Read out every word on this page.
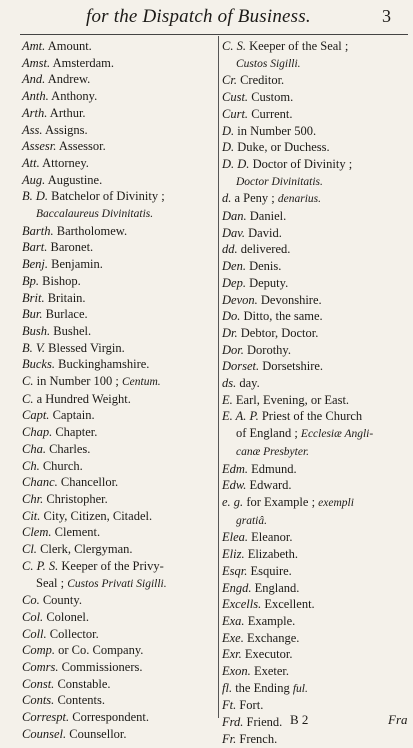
for the Dispatch of Business.	3
Amt. Amount.
Amst. Amsterdam.
And. Andrew.
Anth. Anthony.
Arth. Arthur.
Ass. Assigns.
Assesr. Assessor.
Att. Attorney.
Aug. Augustine.
B. D. Batchelor of Divinity ;
Baccalaureus Divinitatis.
Barth. Bartholomew.
Bart. Baronet.
Benj. Benjamin.
Bp. Bishop.
Brit. Britain.
Bur. Burlace.
Bush. Bushel.
B. V. Blessed Virgin.
Bucks. Buckinghamshire.
C. in Number 100 ; Centum.
C. a Hundred Weight.
Capt. Captain.
Chap. Chapter.
Cha. Charles.
Ch. Church.
Chanc. Chancellor.
Chr. Christopher.
Cit. City, Citizen, Citadel.
Clem. Clement.
Cl. Clerk, Clergyman.
C. P. S. Keeper of the Privy-
Seal ; Custos Privati Sigilli.
Co. County.
Col. Colonel.
Coll. Collector.
Comp. or Co. Company.
Comrs. Commissioners.
Const. Constable.
Conts. Contents.
Correspt. Correspondent.
Counsel. Counsellor.
C. S. Keeper of the Seal ;
Custos Sigilli.
Cr. Creditor.
Cust. Custom.
Curt. Current.
D. in Number 500.
D. Duke, or Duchess.
D. D. Doctor of Divinity ;
Doctor Divinitatis.
d. a Peny ; denarius.
Dan. Daniel.
Dav. David.
dd. delivered.
Den. Denis.
Dep. Deputy.
Devon. Devonshire.
Do. Ditto, the same.
Dr. Debtor, Doctor.
Dor. Dorothy.
Dorset. Dorsetshire.
ds. day.
E. Earl, Evening, or East.
E. A. P. Priest of the Church
of England ; Ecclesiæ Angli-
canæ Presbyter.
Edm. Edmund.
Edw. Edward.
e. g. for Example ; exempli
gratiâ.
Elea. Eleanor.
Eliz. Elizabeth.
Esqr. Esquire.
Engd. England.
Excells. Excellent.
Exa. Example.
Exe. Exchange.
Exr. Executor.
Exon. Exeter.
fl. the Ending ful.
Ft. Fort.
Frd. Friend.
Fr. French.
B 2	Fra
